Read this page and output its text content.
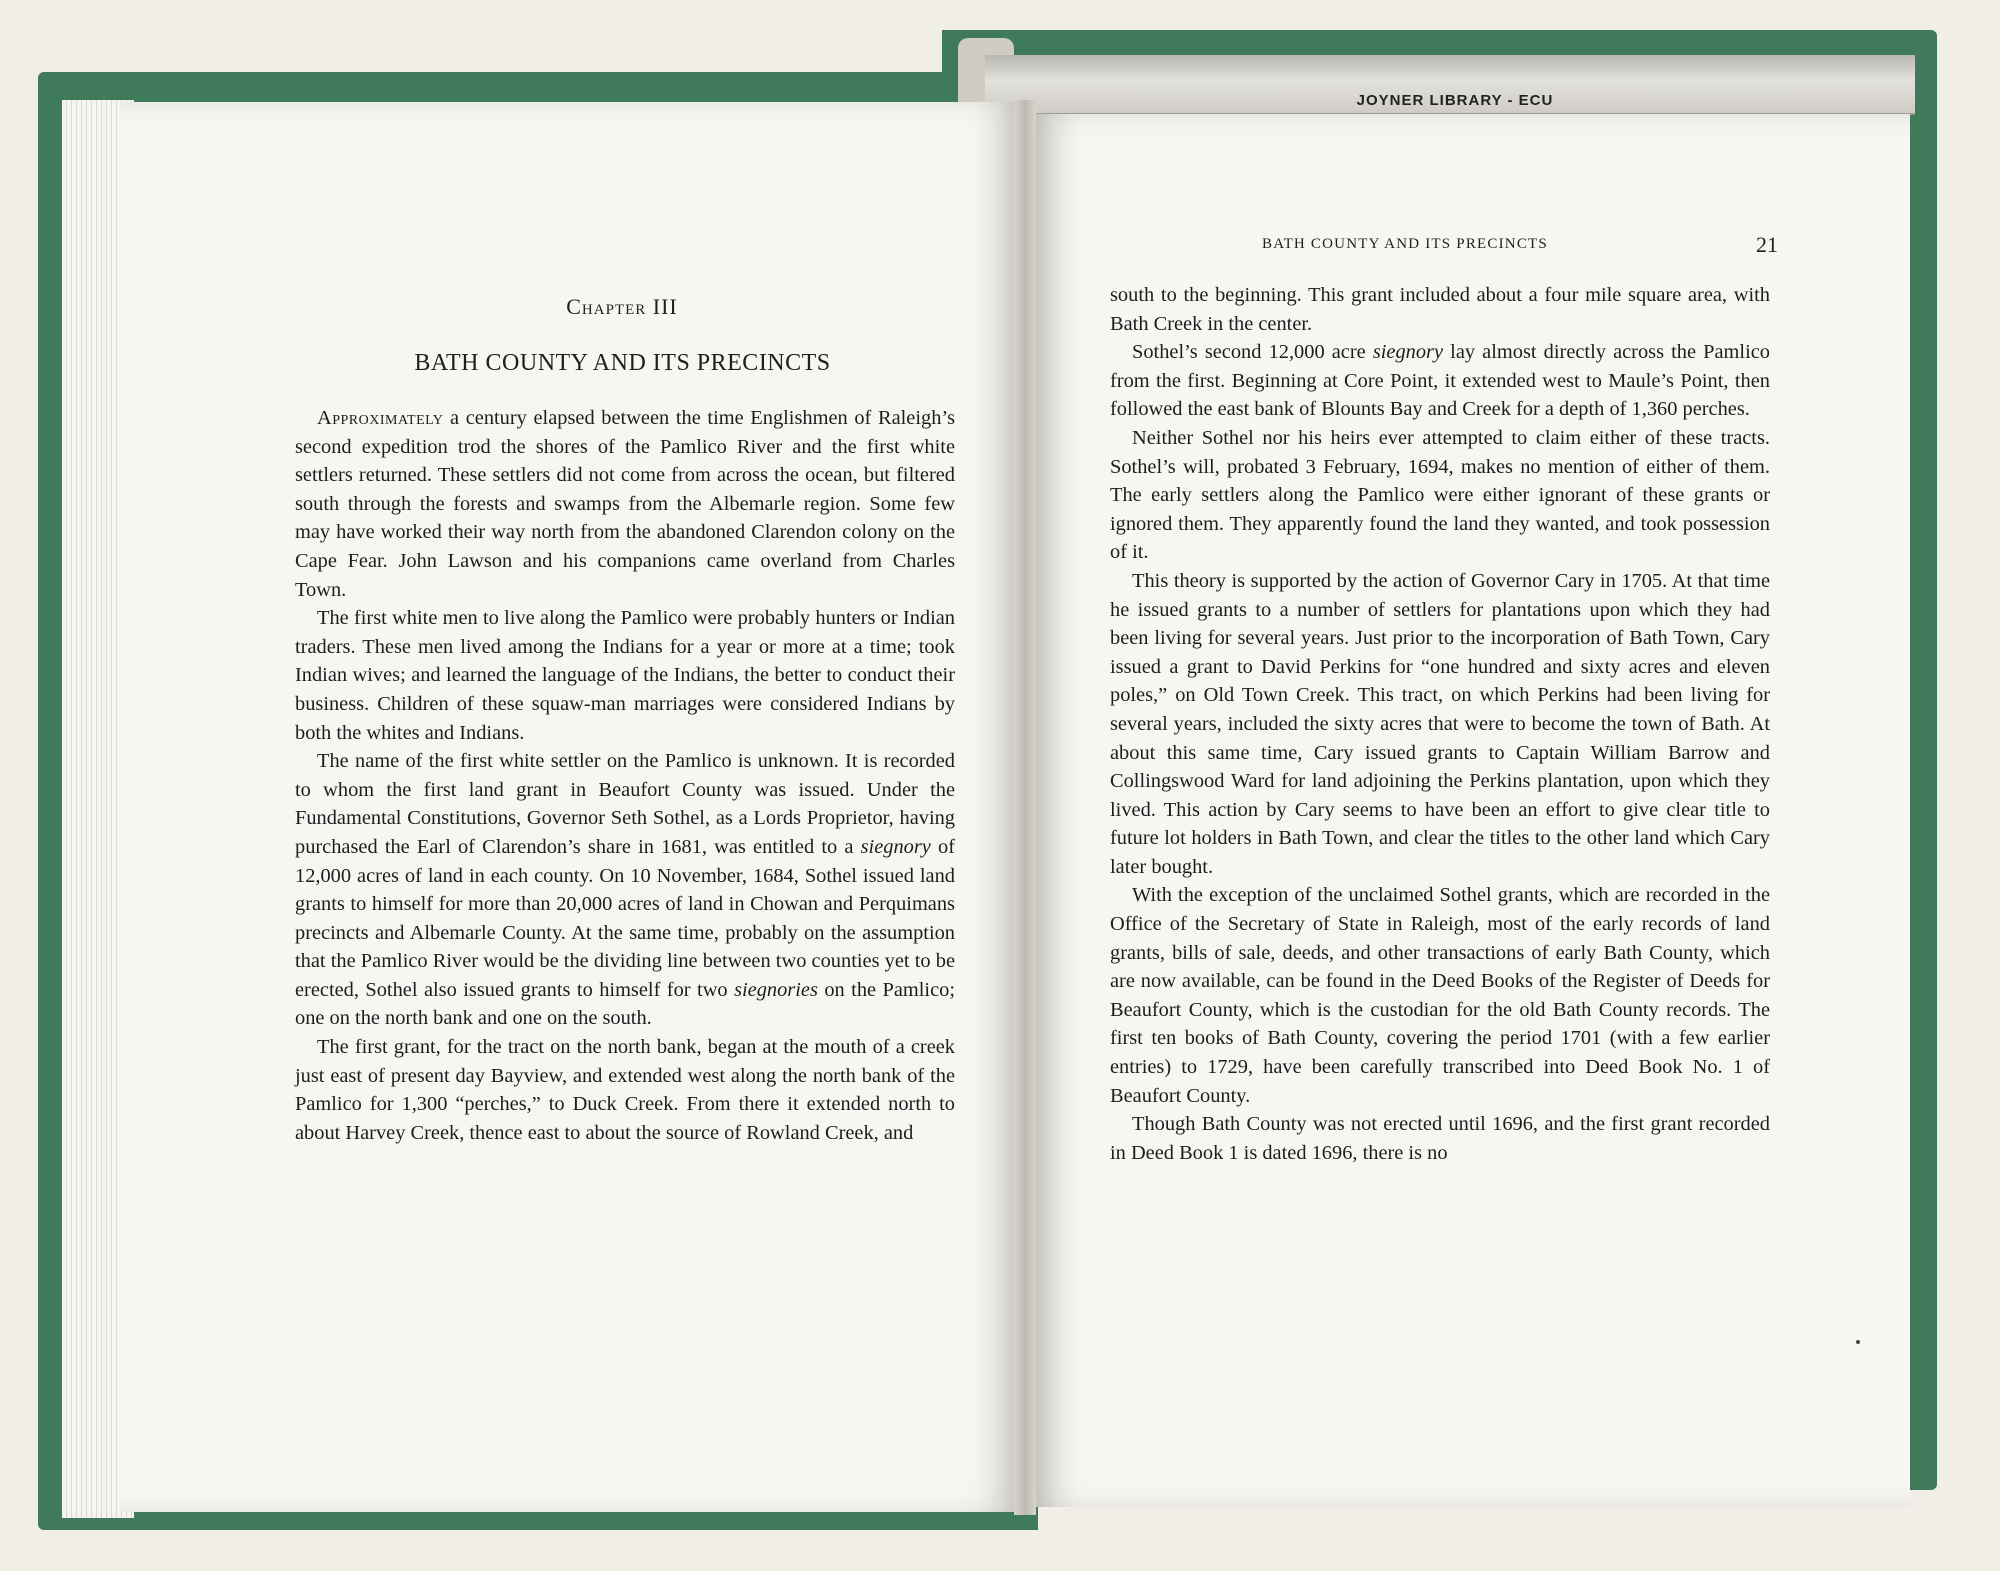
JOYNER LIBRARY - ECU
Chapter III
BATH COUNTY AND ITS PRECINCTS

Approximately a century elapsed between the time Englishmen of Raleigh’s second expedition trod the shores of the Pamlico River and the first white settlers returned. These settlers did not come from across the ocean, but filtered south through the forests and swamps from the Albemarle region. Some few may have worked their way north from the abandoned Clarendon colony on the Cape Fear. John Lawson and his companions came overland from Charles Town.

The first white men to live along the Pamlico were probably hunters or Indian traders. These men lived among the Indians for a year or more at a time; took Indian wives; and learned the language of the Indians, the better to conduct their business. Children of these squaw-man marriages were considered Indians by both the whites and Indians.

The name of the first white settler on the Pamlico is unknown. It is recorded to whom the first land grant in Beaufort County was issued. Under the Fundamental Constitutions, Governor Seth Sothel, as a Lords Proprietor, having purchased the Earl of Clarendon’s share in 1681, was entitled to a siegnory of 12,000 acres of land in each county. On 10 November, 1684, Sothel issued land grants to himself for more than 20,000 acres of land in Chowan and Perquimans precincts and Albemarle County. At the same time, probably on the assumption that the Pamlico River would be the dividing line between two counties yet to be erected, Sothel also issued grants to himself for two siegnories on the Pamlico; one on the north bank and one on the south.

The first grant, for the tract on the north bank, began at the mouth of a creek just east of present day Bayview, and extended west along the north bank of the Pamlico for 1,300 “perches,” to Duck Creek. From there it extended north to about Harvey Creek, thence east to about the source of Rowland Creek, and

BATH COUNTY AND ITS PRECINCTS	21

south to the beginning. This grant included about a four mile square area, with Bath Creek in the center.

Sothel’s second 12,000 acre siegnory lay almost directly across the Pamlico from the first. Beginning at Core Point, it extended west to Maule’s Point, then followed the east bank of Blounts Bay and Creek for a depth of 1,360 perches.

Neither Sothel nor his heirs ever attempted to claim either of these tracts. Sothel’s will, probated 3 February, 1694, makes no mention of either of them. The early settlers along the Pamlico were either ignorant of these grants or ignored them. They apparently found the land they wanted, and took possession of it.

This theory is supported by the action of Governor Cary in 1705. At that time he issued grants to a number of settlers for plantations upon which they had been living for several years. Just prior to the incorporation of Bath Town, Cary issued a grant to David Perkins for “one hundred and sixty acres and eleven poles,” on Old Town Creek. This tract, on which Perkins had been living for several years, included the sixty acres that were to become the town of Bath. At about this same time, Cary issued grants to Captain William Barrow and Collingswood Ward for land adjoining the Perkins plantation, upon which they lived. This action by Cary seems to have been an effort to give clear title to future lot holders in Bath Town, and clear the titles to the other land which Cary later bought.

With the exception of the unclaimed Sothel grants, which are recorded in the Office of the Secretary of State in Raleigh, most of the early records of land grants, bills of sale, deeds, and other transactions of early Bath County, which are now available, can be found in the Deed Books of the Register of Deeds for Beaufort County, which is the custodian for the old Bath County records. The first ten books of Bath County, covering the period 1701 (with a few earlier entries) to 1729, have been carefully transcribed into Deed Book No. 1 of Beaufort County.

Though Bath County was not erected until 1696, and the first grant recorded in Deed Book 1 is dated 1696, there is no
